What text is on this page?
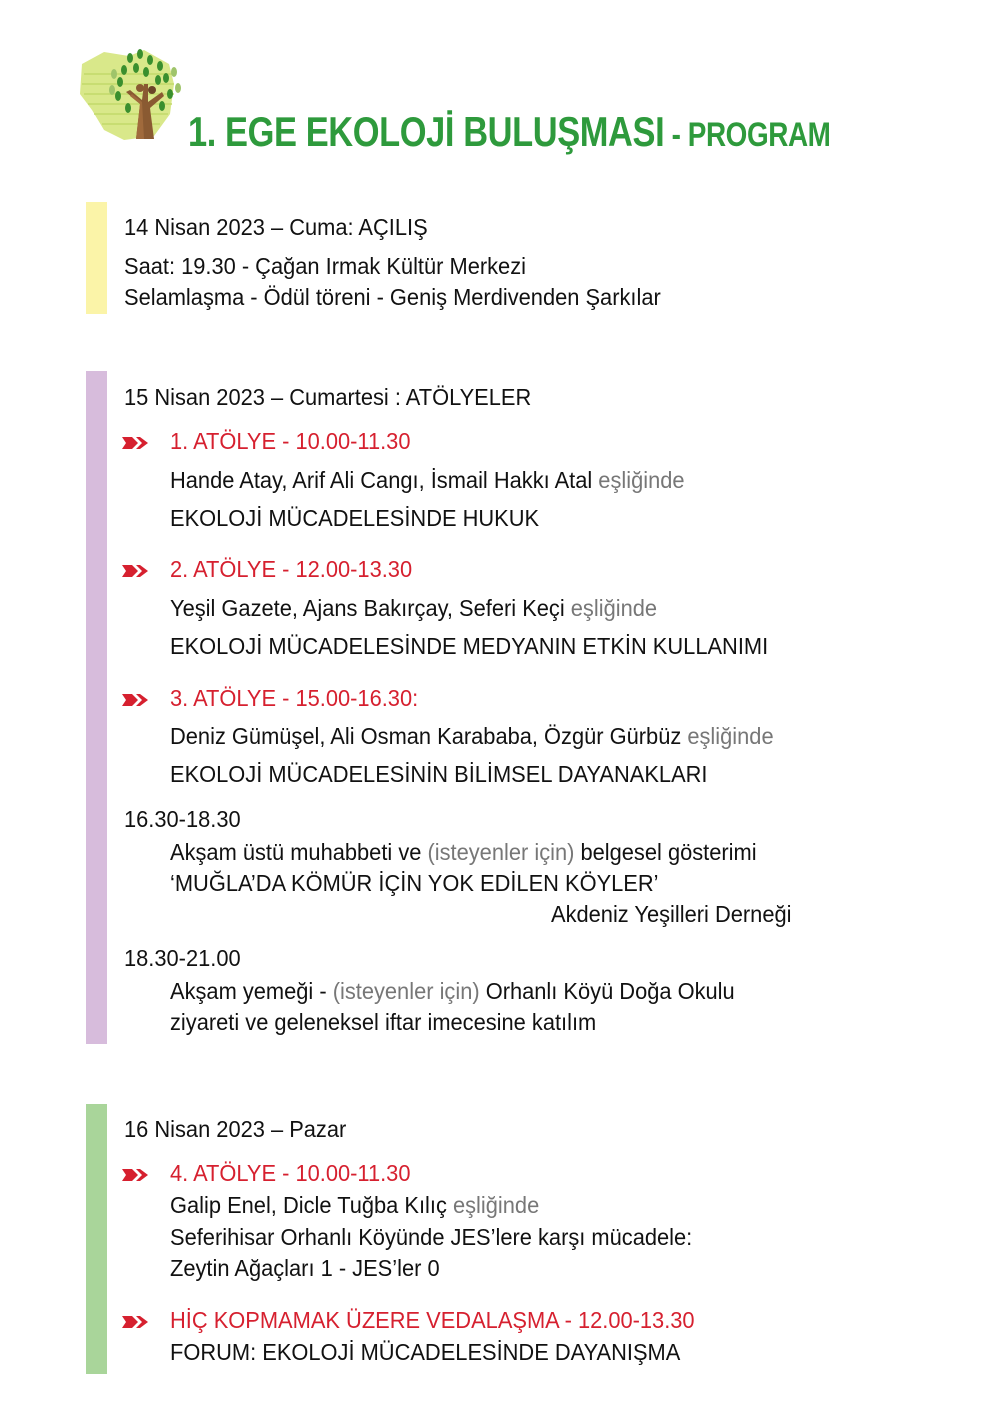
1. EGE EKOLOJİ BULUŞMASI - PROGRAM
14 Nisan 2023 – Cuma: AÇILIŞ
Saat: 19.30 - Çağan Irmak Kültür Merkezi
Selamlaşma - Ödül töreni - Geniş Merdivenden Şarkılar
15 Nisan 2023 – Cumartesi : ATÖLYELER
1. ATÖLYE - 10.00-11.30
Hande Atay, Arif Ali Cangı, İsmail Hakkı Atal eşliğinde
EKOLOJİ MÜCADELESİNDE HUKUK
2. ATÖLYE - 12.00-13.30
Yeşil Gazete, Ajans Bakırçay, Seferi Keçi eşliğinde
EKOLOJİ MÜCADELESİNDE MEDYANIN ETKİN KULLANIMI
3. ATÖLYE - 15.00-16.30:
Deniz Gümüşel, Ali Osman Karababa, Özgür Gürbüz eşliğinde
EKOLOJİ MÜCADELESİNİN BİLİMSEL DAYANAKLARI
16.30-18.30
Akşam üstü muhabbeti ve (isteyenler için) belgesel gösterimi
‘MUĞLA’DA KÖMÜR İÇİN YOK EDİLEN KÖYLER’
Akdeniz Yeşilleri Derneği
18.30-21.00
Akşam yemeği - (isteyenler için) Orhanlı Köyü Doğa Okulu
ziyareti ve geleneksel iftar imecesine katılım
16 Nisan 2023 – Pazar
4. ATÖLYE - 10.00-11.30
Galip Enel, Dicle Tuğba Kılıç eşliğinde
Seferihisar Orhanlı Köyünde JES’lere karşı mücadele:
Zeytin Ağaçları 1 - JES’ler 0
HİÇ KOPMAMAK ÜZERE VEDALAŞMA - 12.00-13.30
FORUM: EKOLOJİ MÜCADELESİNDE DAYANIŞMA
